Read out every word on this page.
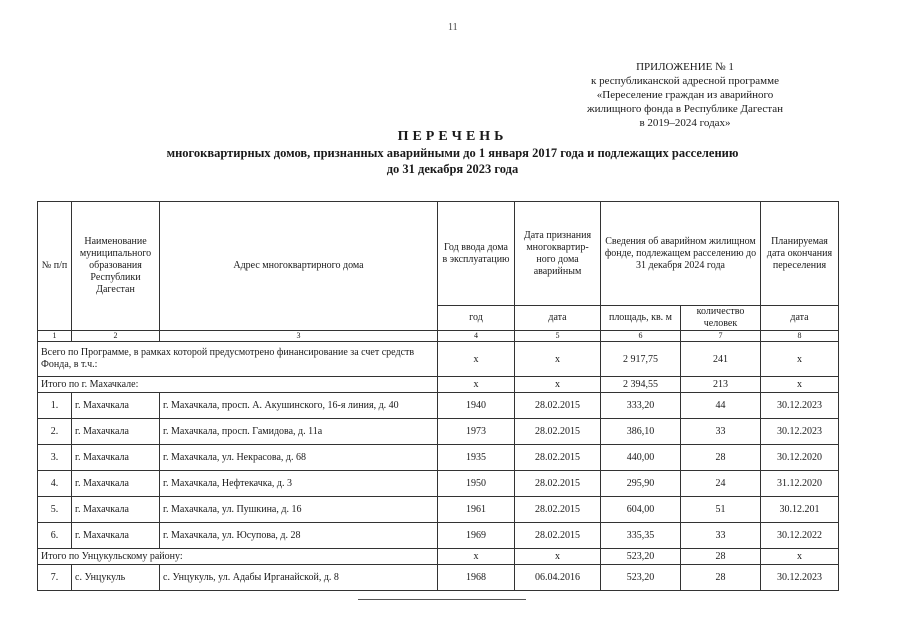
11
ПРИЛОЖЕНИЕ № 1
к республиканской адресной программе
«Переселение граждан из аварийного
жилищного фонда в Республике Дагестан
в 2019–2024 годах»
ПЕРЕЧЕНЬ
многоквартирных домов, признанных аварийными до 1 января 2017 года и подлежащих расселению
до 31 декабря 2023 года
№ п/п	Наименование муниципального образования Республики Дагестан	Адрес многоквартирного дома	Год ввода дома в эксплуатацию	Дата признания многоквартир-ного дома аварийным	Сведения об аварийном жилищном фонде, подлежащем расселению до 31 декабря 2024 года		Планируемая дата окончания переселения
			год	дата	площадь, кв. м	количество человек	дата
1	2	3	4	5	6	7	8
Всего по Программе, в рамках которой предусмотрено финансирование за счет средств Фонда, в т.ч.:			х	х	2 917,75	241	х
Итого по г. Махачкале:			х	х	2 394,55	213	х
1.	г. Махачкала	г. Махачкала, просп. А. Акушинского, 16-я линия, д. 40	1940	28.02.2015	333,20	44	30.12.2023
2.	г. Махачкала	г. Махачкала, просп. Гамидова, д. 11а	1973	28.02.2015	386,10	33	30.12.2023
3.	г. Махачкала	г. Махачкала, ул. Некрасова, д. 68	1935	28.02.2015	440,00	28	30.12.2020
4.	г. Махачкала	г. Махачкала, Нефтекачка, д. 3	1950	28.02.2015	295,90	24	31.12.2020
5.	г. Махачкала	г. Махачкала, ул. Пушкина, д. 16	1961	28.02.2015	604,00	51	30.12.201
6.	г. Махачкала	г. Махачкала, ул. Юсупова, д. 28	1969	28.02.2015	335,35	33	30.12.2022
Итого по Унцукульскому району:			х	х	523,20	28	х
7.	с. Унцукуль	с. Унцукуль, ул. Адабы Ирганайской, д. 8	1968	06.04.2016	523,20	28	30.12.2023
